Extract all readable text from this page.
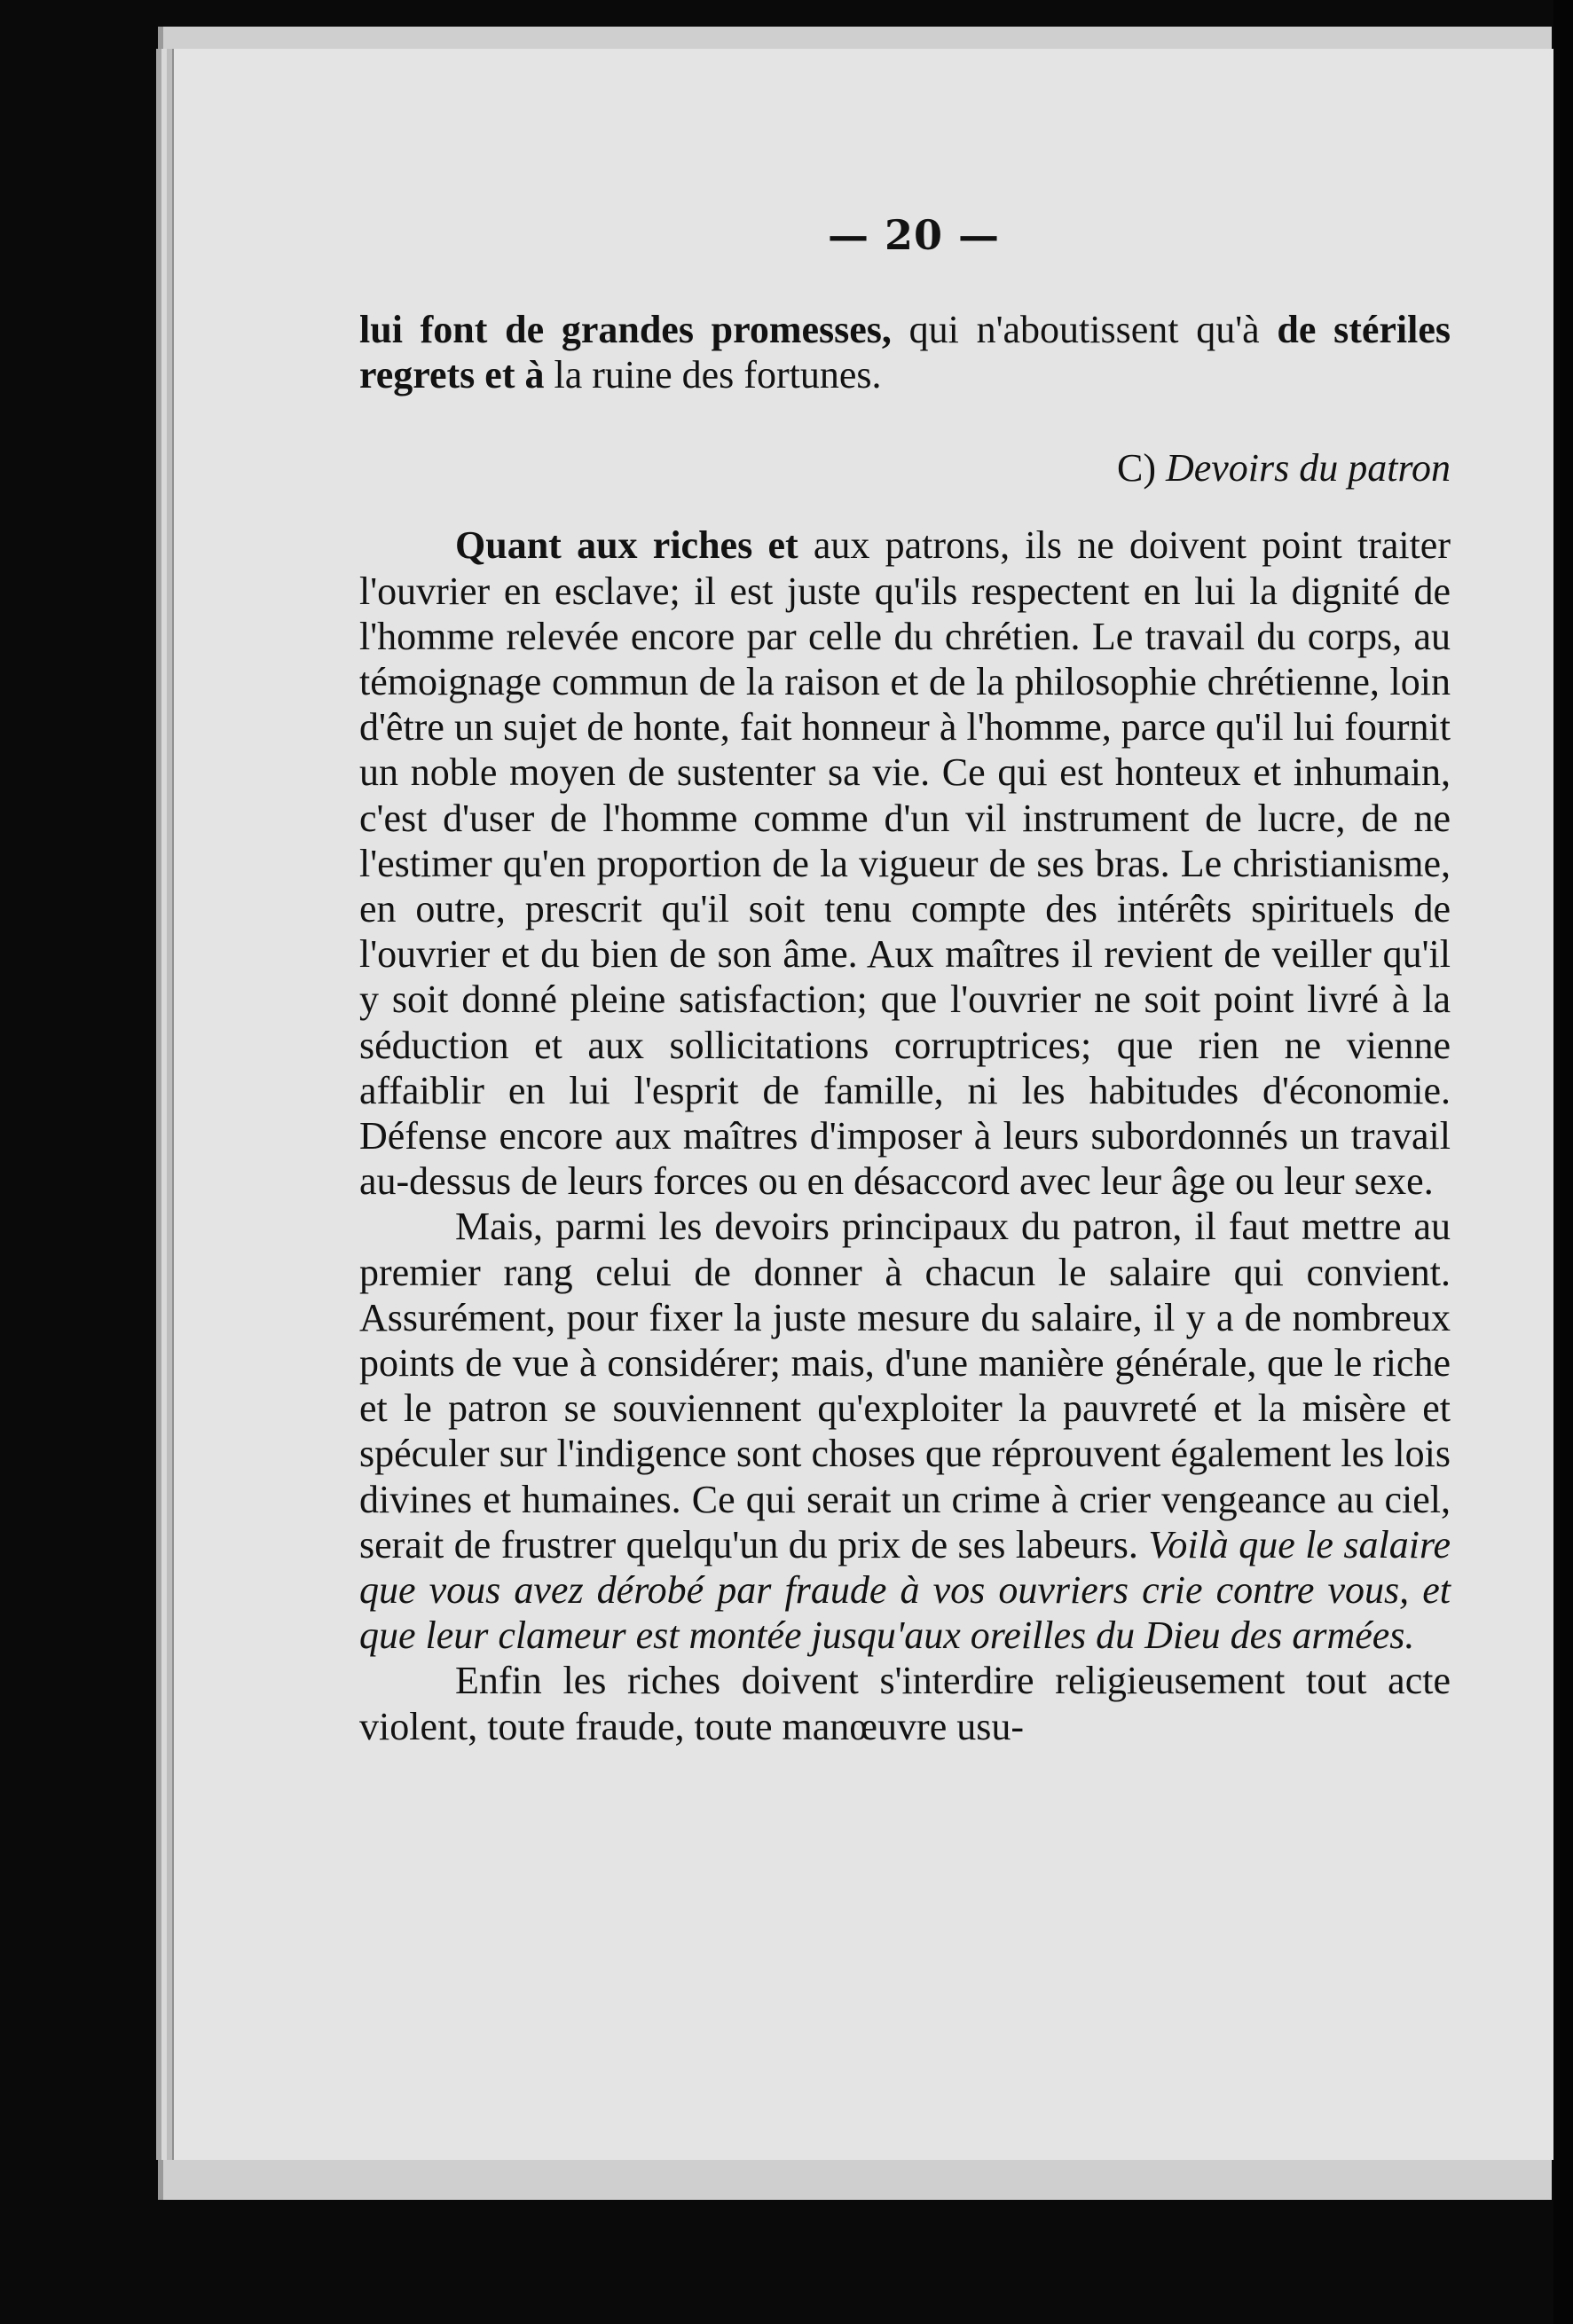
— 20 —

lui font de grandes promesses, qui n'aboutissent qu'à de stériles regrets et à la ruine des fortunes.

C) Devoirs du patron

Quant aux riches et aux patrons, ils ne doivent point traiter l'ouvrier en esclave; il est juste qu'ils respectent en lui la dignité de l'homme relevée encore par celle du chrétien. Le travail du corps, au témoignage commun de la raison et de la philosophie chrétienne, loin d'être un sujet de honte, fait honneur à l'homme, parce qu'il lui fournit un noble moyen de sustenter sa vie. Ce qui est honteux et inhumain, c'est d'user de l'homme comme d'un vil instrument de lucre, de ne l'estimer qu'en proportion de la vigueur de ses bras. Le christianisme, en outre, prescrit qu'il soit tenu compte des intérêts spirituels de l'ouvrier et du bien de son âme. Aux maîtres il revient de veiller qu'il y soit donné pleine satisfaction; que l'ouvrier ne soit point livré à la séduction et aux sollicitations corruptrices; que rien ne vienne affaiblir en lui l'esprit de famille, ni les habitudes d'économie. Défense encore aux maîtres d'imposer à leurs subordonnés un travail au-dessus de leurs forces ou en désaccord avec leur âge ou leur sexe.

Mais, parmi les devoirs principaux du patron, il faut mettre au premier rang celui de donner à chacun le salaire qui convient. Assurément, pour fixer la juste mesure du salaire, il y a de nombreux points de vue à considérer; mais, d'une manière générale, que le riche et le patron se souviennent qu'exploiter la pauvreté et la misère et spéculer sur l'indigence sont choses que réprouvent également les lois divines et humaines. Ce qui serait un crime à crier vengeance au ciel, serait de frustrer quelqu'un du prix de ses labeurs. Voilà que le salaire que vous avez dérobé par fraude à vos ouvriers crie contre vous, et que leur clameur est montée jusqu'aux oreilles du Dieu des armées.

Enfin les riches doivent s'interdire religieusement tout acte violent, toute fraude, toute manœuvre usu-
